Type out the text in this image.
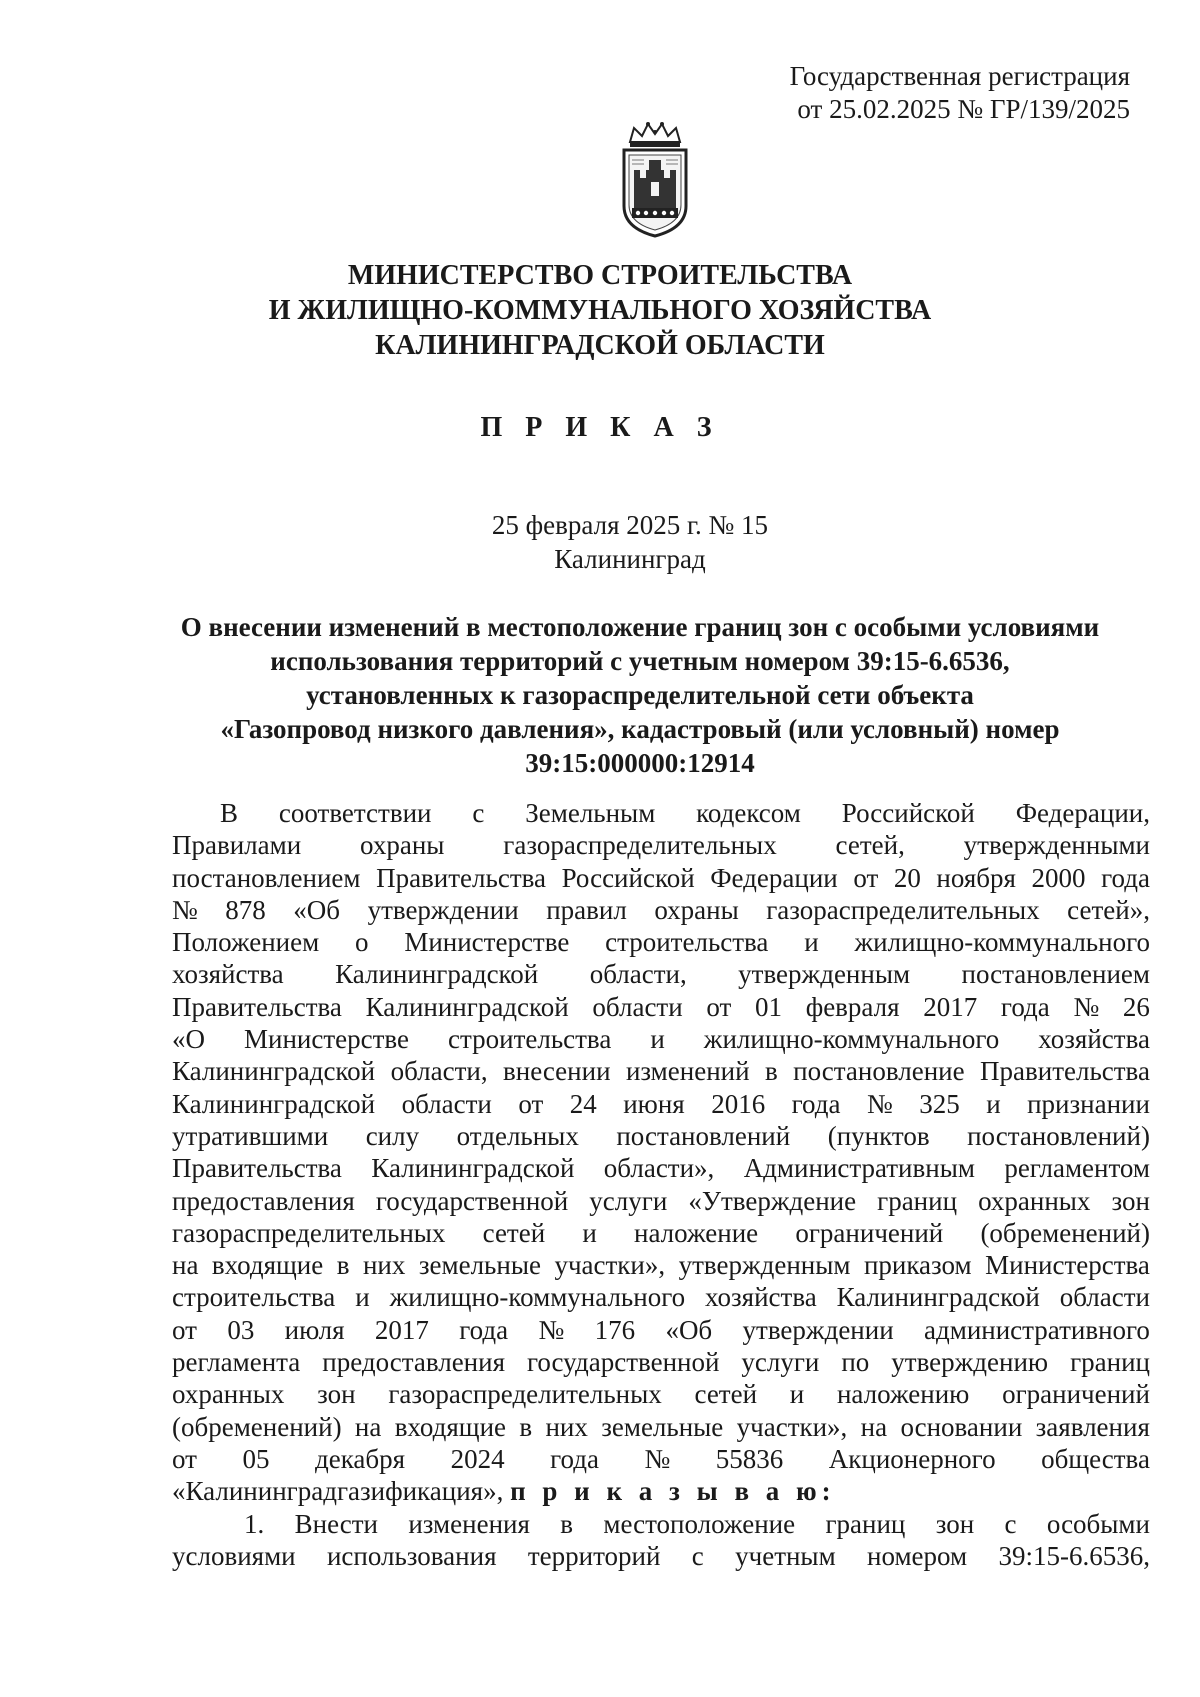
Государственная регистрация
от 25.02.2025 № ГР/139/2025
МИНИСТЕРСТВО СТРОИТЕЛЬСТВА
И ЖИЛИЩНО-КОММУНАЛЬНОГО ХОЗЯЙСТВА
КАЛИНИНГРАДСКОЙ ОБЛАСТИ
П Р И К А З
25 февраля 2025 г. № 15
Калининград
О внесении изменений в местоположение границ зон с особыми условиями
использования территорий с учетным номером 39:15-6.6536,
установленных к газораспределительной сети объекта
«Газопровод низкого давления», кадастровый (или условный) номер
39:15:000000:12914
В соответствии с Земельным кодексом Российской Федерации,
Правилами охраны газораспределительных сетей, утвержденными
постановлением Правительства Российской Федерации от 20 ноября 2000 года
№ 878 «Об утверждении правил охраны газораспределительных сетей»,
Положением о Министерстве строительства и жилищно-коммунального
хозяйства Калининградской области, утвержденным постановлением
Правительства Калининградской области от 01 февраля 2017 года № 26
«О Министерстве строительства и жилищно-коммунального хозяйства
Калининградской области, внесении изменений в постановление Правительства
Калининградской области от 24 июня 2016 года № 325 и признании
утратившими силу отдельных постановлений (пунктов постановлений)
Правительства Калининградской области», Административным регламентом
предоставления государственной услуги «Утверждение границ охранных зон
газораспределительных сетей и наложение ограничений (обременений)
на входящие в них земельные участки», утвержденным приказом Министерства
строительства и жилищно-коммунального хозяйства Калининградской области
от 03 июля 2017 года № 176 «Об утверждении административного
регламента предоставления государственной услуги по утверждению границ
охранных зон газораспределительных сетей и наложению ограничений
(обременений) на входящие в них земельные участки», на основании заявления
от 05 декабря 2024 года № 55836 Акционерного общества
«Калининградгазификация», п р и к а з ы в а ю:
1. Внести изменения в местоположение границ зон с особыми
условиями использования территорий с учетным номером 39:15-6.6536,
